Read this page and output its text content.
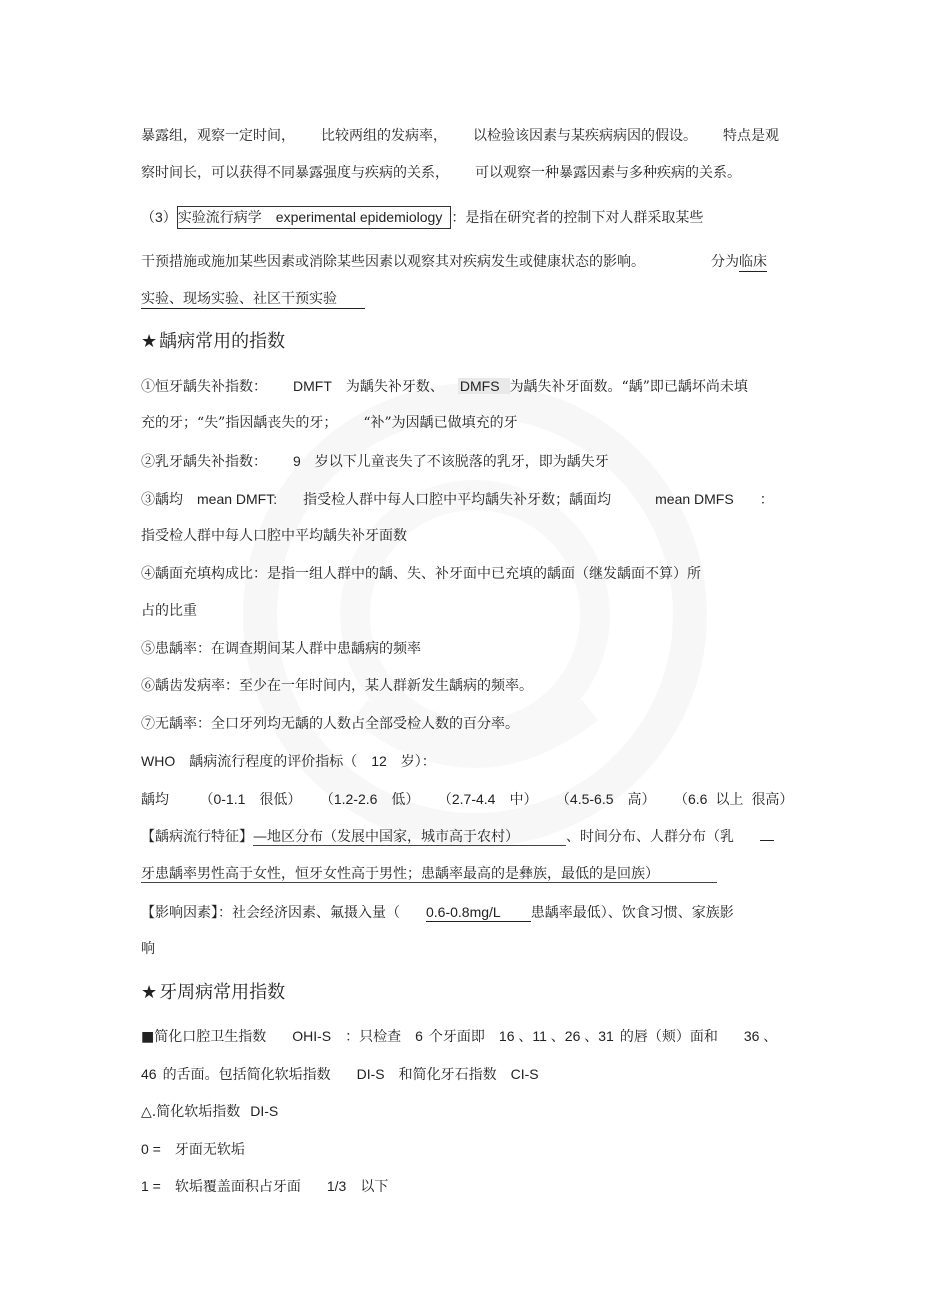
暴露组，观察一定时间， 比较两组的发病率， 以检验该因素与某疾病病因的假设。 特点是观
察时间长，可以获得不同暴露强度与疾病的关系， 可以观察一种暴露因素与多种疾病的关系。
（3）实验流行病学 experimental epidemiology ：是指在研究者的控制下对人群采取某些
干预措施或施加某些因素或消除某些因素以观察其对疾病发生或健康状态的影响。	分为临床
实验、现场实验、社区干预实验
★ 龋病常用的指数
①恒牙龋失补指数： DMFT 为龋失补牙数、 DMFS 为龋失补牙面数。“龋”即已龋坏尚未填
充的牙；“失”指因龋丧失的牙； “补”为因龋已做填充的牙
②乳牙龋失补指数： 9 岁以下儿童丧失了不该脱落的乳牙，即为龋失牙
③龋均 mean DMFT: 指受检人群中每人口腔中平均龋失补牙数；龋面均	mean DMFS ：
指受检人群中每人口腔中平均龋失补牙面数
④龋面充填构成比：是指一组人群中的龋、失、补牙面中已充填的龋面（继发龋面不算）所
占的比重
⑤患龋率：在调查期间某人群中患龋病的频率
⑥龋齿发病率：至少在一年时间内，某人群新发生龋病的频率。
⑦无龋率：全口牙列均无龋的人数占全部受检人数的百分率。
WHO 龋病流行程度的评价指标（ 12 岁）：
龋均 （0-1.1 很低） （1.2-2.6 低） （2.7-4.4 中） （4.5-6.5 高） （6.6 以上 很高）
【龋病流行特征】—地区分布（发展中国家，城市高于农村）	、时间分布、人群分布（乳
牙患龋率男性高于女性，恒牙女性高于男性；患龋率最高的是彝族，最低的是回族）
【影响因素】：社会经济因素、氟摄入量（ 0.6-0.8mg/L 患龋率最低）、饮食习惯、家族影
响
★ 牙周病常用指数
■简化口腔卫生指数 OHI-S ：只检查 6 个牙面即 16 、11 、26 、31 的唇（颊）面和 36 、
46 的舌面。包括简化软垢指数 DI-S 和简化牙石指数 CI-S
△.简化软垢指数 DI-S
0 = 牙面无软垢
1 = 软垢覆盖面积占牙面 1/3 以下
